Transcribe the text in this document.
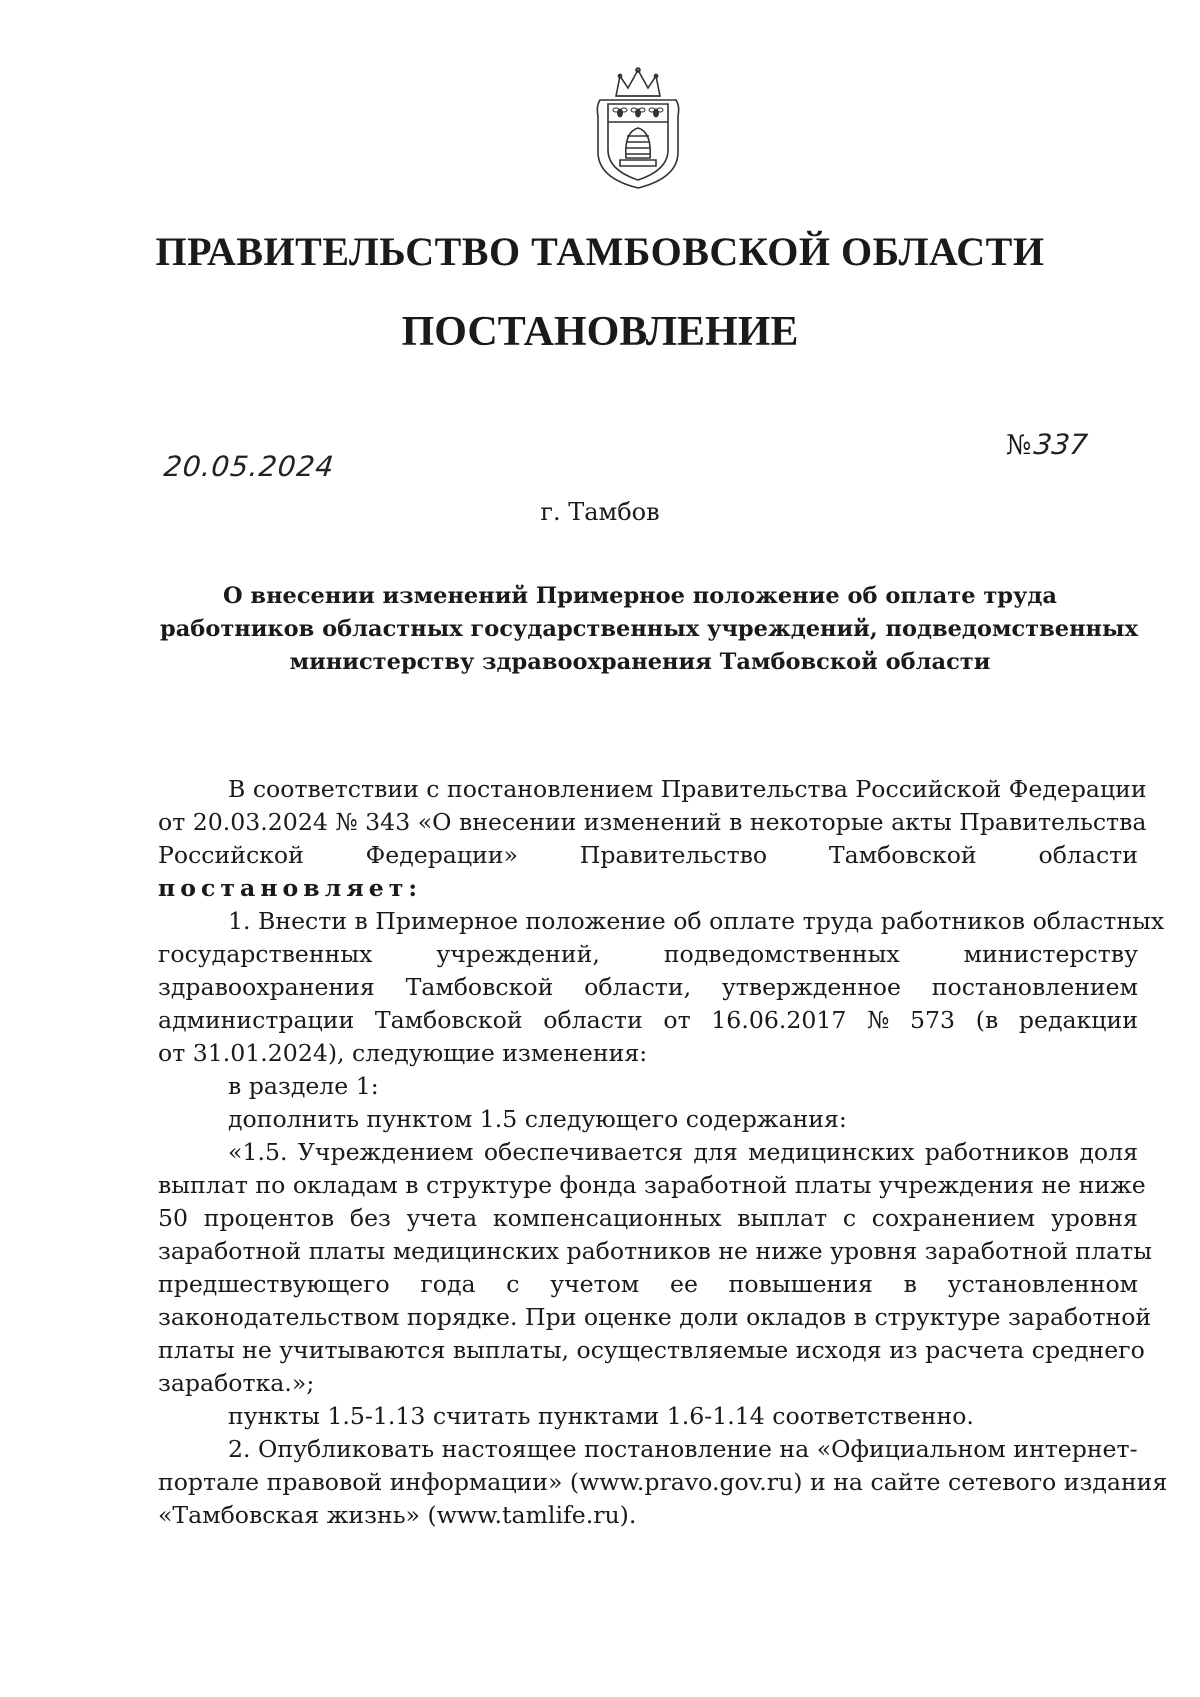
ПРАВИТЕЛЬСТВО ТАМБОВСКОЙ ОБЛАСТИ
ПОСТАНОВЛЕНИЕ
20.05.2024
№337
г. Тамбов
О внесении изменений Примерное положение об оплате труда
работников областных государственных учреждений, подведомственных
министерству здравоохранения Тамбовской области
В соответствии с постановлением Правительства Российской Федерации
от 20.03.2024 № 343 «О внесении изменений в некоторые акты Правительства
Российской	Федерации»	Правительство	Тамбовской	области
постановляет:
1. Внести в Примерное положение об оплате труда работников областных
государственных	учреждений,	подведомственных	министерству
здравоохранения Тамбовской области, утвержденное постановлением
администрации Тамбовской области от 16.06.2017 № 573 (в редакции
от 31.01.2024), следующие изменения:
в разделе 1:
дополнить пунктом 1.5 следующего содержания:
«1.5. Учреждением обеспечивается для медицинских работников доля
выплат по окладам в структуре фонда заработной платы учреждения не ниже
50 процентов без учета компенсационных выплат с сохранением уровня
заработной платы медицинских работников не ниже уровня заработной платы
предшествующего года с учетом ее повышения в установленном
законодательством порядке. При оценке доли окладов в структуре заработной
платы не учитываются выплаты, осуществляемые исходя из расчета среднего
заработка.»;
пункты 1.5-1.13 считать пунктами 1.6-1.14 соответственно.
2. Опубликовать настоящее постановление на «Официальном интернет-
портале правовой информации» (www.pravo.gov.ru) и на сайте сетевого издания
«Тамбовская жизнь» (www.tamlife.ru).
